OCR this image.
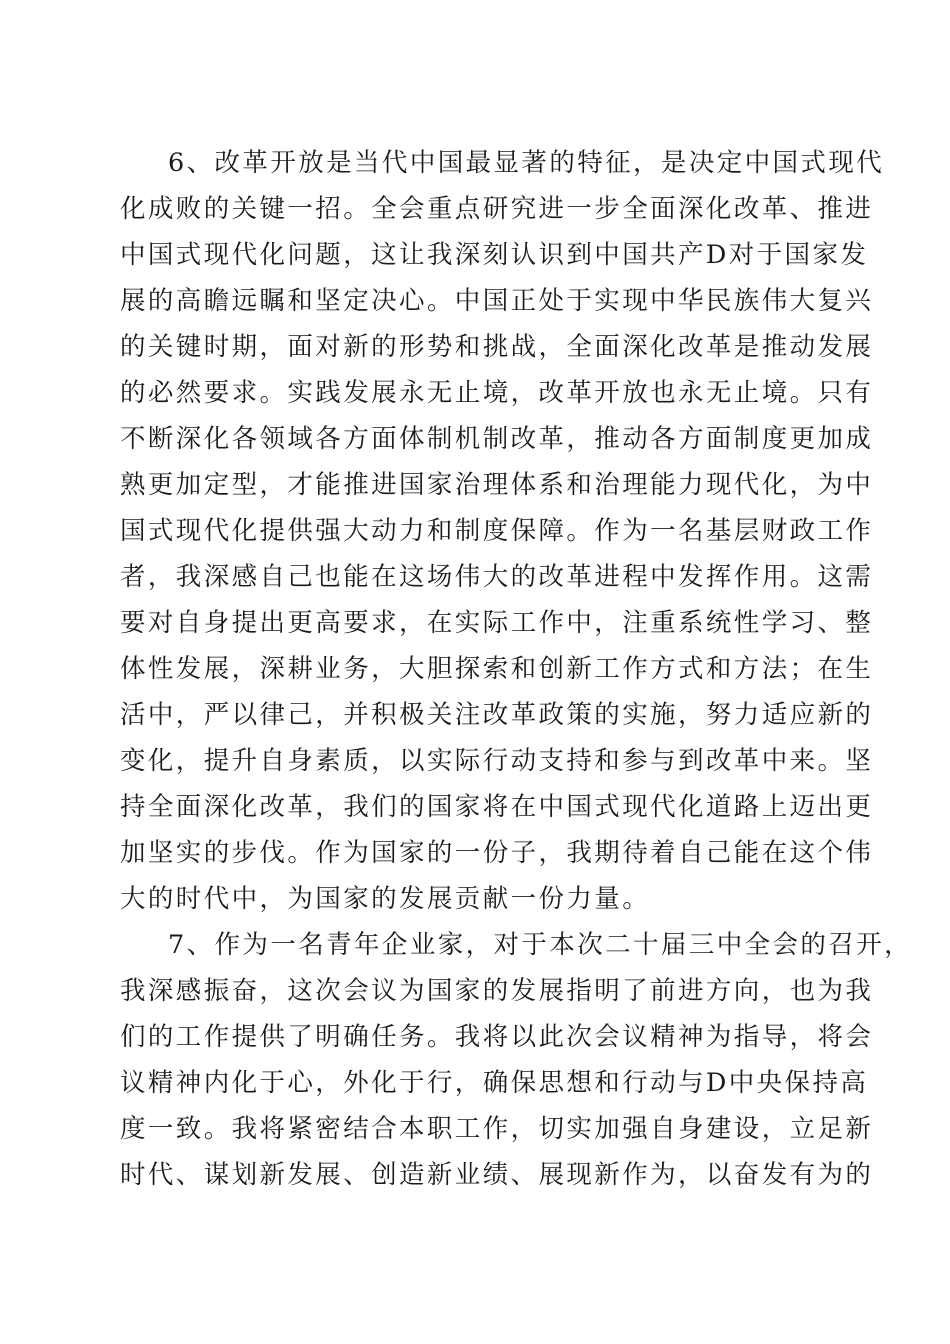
6、改革开放是当代中国最显著的特征，是决定中国式现代
化成败的关键一招。全会重点研究进一步全面深化改革、推进
中国式现代化问题，这让我深刻认识到中国共产D对于国家发
展的高瞻远瞩和坚定决心。中国正处于实现中华民族伟大复兴
的关键时期，面对新的形势和挑战，全面深化改革是推动发展
的必然要求。实践发展永无止境，改革开放也永无止境。只有
不断深化各领域各方面体制机制改革，推动各方面制度更加成
熟更加定型，才能推进国家治理体系和治理能力现代化，为中
国式现代化提供强大动力和制度保障。作为一名基层财政工作
者，我深感自己也能在这场伟大的改革进程中发挥作用。这需
要对自身提出更高要求，在实际工作中，注重系统性学习、整
体性发展，深耕业务，大胆探索和创新工作方式和方法；在生
活中，严以律己，并积极关注改革政策的实施，努力适应新的
变化，提升自身素质，以实际行动支持和参与到改革中来。坚
持全面深化改革，我们的国家将在中国式现代化道路上迈出更
加坚实的步伐。作为国家的一份子，我期待着自己能在这个伟
大的时代中，为国家的发展贡献一份力量。
7、作为一名青年企业家，对于本次二十届三中全会的召开，
我深感振奋，这次会议为国家的发展指明了前进方向，也为我
们的工作提供了明确任务。我将以此次会议精神为指导，将会
议精神内化于心，外化于行，确保思想和行动与D中央保持高
度一致。我将紧密结合本职工作，切实加强自身建设，立足新
时代、谋划新发展、创造新业绩、展现新作为，以奋发有为的
